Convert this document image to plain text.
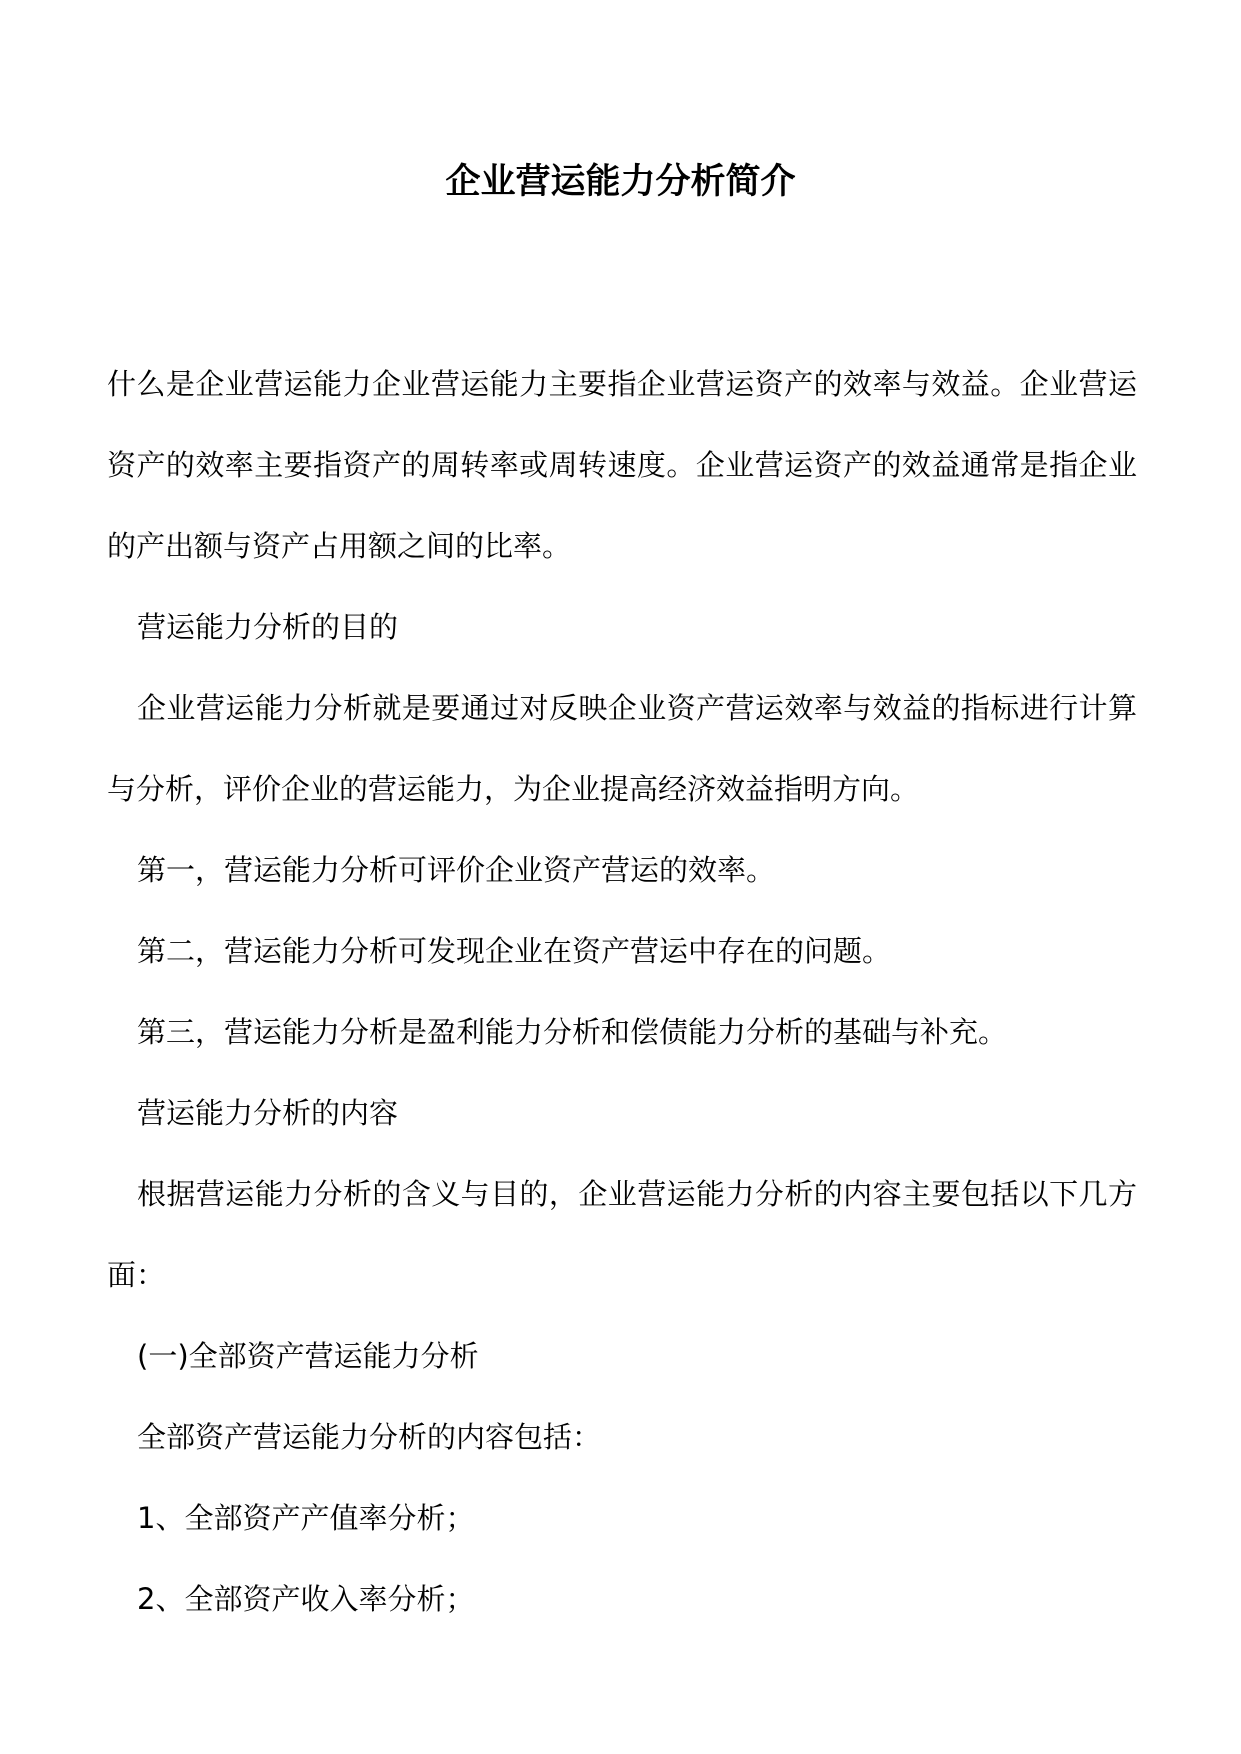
企业营运能力分析简介

什么是企业营运能力企业营运能力主要指企业营运资产的效率与效益。企业营运资产的效率主要指资产的周转率或周转速度。企业营运资产的效益通常是指企业的产出额与资产占用额之间的比率。

营运能力分析的目的

企业营运能力分析就是要通过对反映企业资产营运效率与效益的指标进行计算与分析，评价企业的营运能力，为企业提高经济效益指明方向。

第一，营运能力分析可评价企业资产营运的效率。

第二，营运能力分析可发现企业在资产营运中存在的问题。

第三，营运能力分析是盈利能力分析和偿债能力分析的基础与补充。

营运能力分析的内容

根据营运能力分析的含义与目的，企业营运能力分析的内容主要包括以下几方面：

(一)全部资产营运能力分析

全部资产营运能力分析的内容包括：

1、全部资产产值率分析；

2、全部资产收入率分析；
